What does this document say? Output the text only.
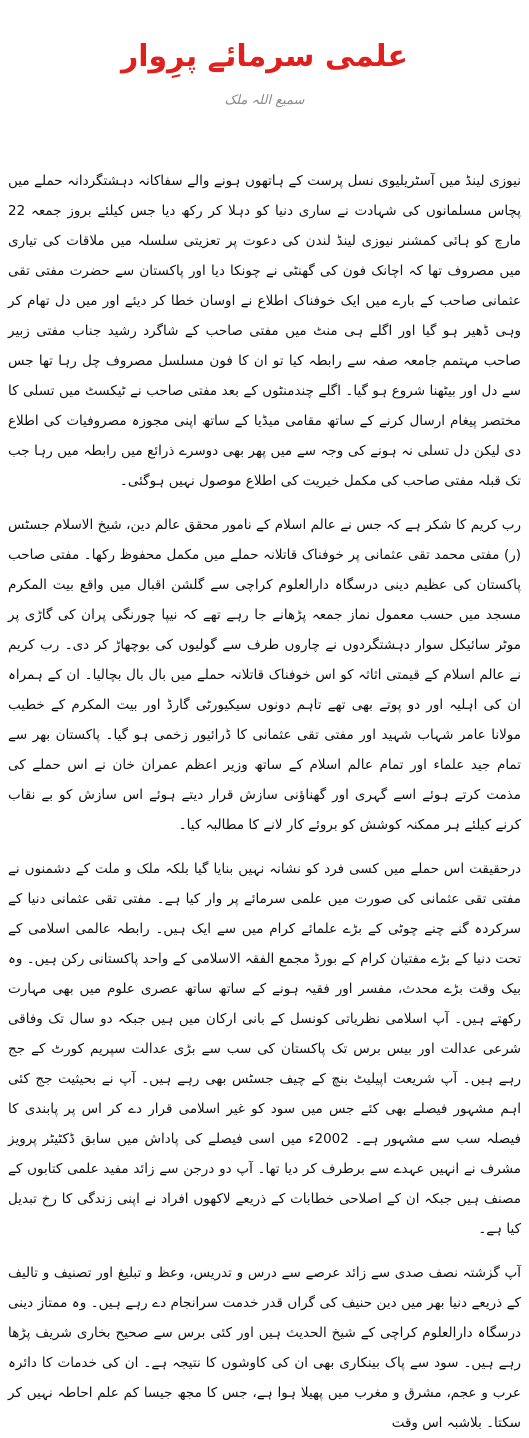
علمی سرمائے پرِوار
سمیع اللہ ملک

نیوزی لینڈ میں آسٹریلیوی نسل پرست کے ہاتھوں ہونے والے سفاکانہ دہشتگردانہ حملے میں پچاس مسلمانوں کی شہادت نے ساری دنیا کو دہلا کر رکھ دیا جس کیلئے بروز جمعہ 22 مارچ کو ہائی کمشنر نیوزی لینڈ لندن کی دعوت پر تعزیتی سلسلہ میں ملاقات کی تیاری میں مصروف تھا کہ اچانک فون کی گھنٹی نے چونکا دیا اور پاکستان سے حضرت مفتی تقی عثمانی صاحب کے بارے میں ایک خوفناک اطلاع نے اوسان خطا کر دیئے اور میں دل تھام کر وہی ڈھیر ہو گیا اور اگلے ہی منٹ میں مفتی صاحب کے شاگرد رشید جناب مفتی زبیر صاحب مہتمم جامعہ صفہ سے رابطہ کیا تو ان کا فون مسلسل مصروف چل رہا تھا جس سے دل اور بیٹھنا شروع ہو گیا۔ اگلے چندمنٹوں کے بعد مفتی صاحب نے ٹیکسٹ میں تسلی کا مختصر پیغام ارسال کرنے کے ساتھ مقامی میڈیا کے ساتھ اپنی مجوزہ مصروفیات کی اطلاع دی لیکن دل تسلی نہ ہونے کی وجہ سے میں پھر بھی دوسرے ذرائع میں رابطہ میں رہا جب تک قبلہ مفتی صاحب کی مکمل خیریت کی اطلاع موصول نہیں ہوگئی۔

رب کریم کا شکر ہے کہ جس نے عالم اسلام کے نامور محقق عالم دین، شیخ الاسلام جسٹس (ر) مفتی محمد تقی عثمانی پر خوفناک قاتلانہ حملے میں مکمل محفوظ رکھا۔ مفتی صاحب پاکستان کی عظیم دینی درسگاہ دارالعلوم کراچی سے گلشن اقبال میں واقع بیت المکرم مسجد میں حسب معمول نماز جمعہ پڑھانے جا رہے تھے کہ نیپا چورنگی پران کی گاڑی پر موٹر سائیکل سوار دہشتگردوں نے چاروں طرف سے گولیوں کی بوچھاڑ کر دی۔ رب کریم نے عالم اسلام کے قیمتی اثاثہ کو اس خوفناک قاتلانہ حملے میں بال بال بچالیا۔ ان کے ہمراہ ان کی اہلیہ اور دو پوتے بھی تھے تاہم دونوں سیکیورٹی گارڈ اور بیت المکرم کے خطیب مولانا عامر شہاب شہید اور مفتی تقی عثمانی کا ڈرائیور زخمی ہو گیا۔ پاکستان بھر سے تمام جید علماء اور تمام عالم اسلام کے ساتھ وزیر اعظم عمران خان نے اس حملے کی مذمت کرتے ہوئے اسے گہری اور گھناؤنی سازش قرار دیتے ہوئے اس سازش کو بے نقاب کرنے کیلئے ہر ممکنہ کوشش کو بروئے کار لانے کا مطالبہ کیا۔

درحقیقت اس حملے میں کسی فرد کو نشانہ نہیں بنایا گیا بلکہ ملک و ملت کے دشمنوں نے مفتی تقی عثمانی کی صورت میں علمی سرمائے پر وار کیا ہے۔ مفتی تقی عثمانی دنیا کے سرکردہ گنے چنے چوٹی کے بڑے علمائے کرام میں سے ایک ہیں۔ رابطہ عالمی اسلامی کے تحت دنیا کے بڑے مفتیان کرام کے بورڈ مجمع الفقہ الاسلامی کے واحد پاکستانی رکن ہیں۔ وہ بیک وقت بڑے محدث، مفسر اور فقیہ ہونے کے ساتھ ساتھ عصری علوم میں بھی مہارت رکھتے ہیں۔ آپ اسلامی نظریاتی کونسل کے بانی ارکان میں ہیں جبکہ دو سال تک وفاقی شرعی عدالت اور بیس برس تک پاکستان کی سب سے بڑی عدالت سپریم کورٹ کے جج رہے ہیں۔ آپ شریعت اپیلیٹ بنچ کے چیف جسٹس بھی رہے ہیں۔ آپ نے بحیثیت جج کئی اہم مشہور فیصلے بھی کئے جس میں سود کو غیر اسلامی قرار دے کر اس پر پابندی کا فیصلہ سب سے مشہور ہے۔ 2002ء میں اسی فیصلے کی پاداش میں سابق ڈکٹیٹر پرویز مشرف نے انہیں عہدے سے برطرف کر دیا تھا۔ آپ دو درجن سے زائد مفید علمی کتابوں کے مصنف ہیں جبکہ ان کے اصلاحی خطابات کے ذریعے لاکھوں افراد نے اپنی زندگی کا رخ تبدیل کیا ہے۔

آپ گزشتہ نصف صدی سے زائد عرصے سے درس و تدریس، وعظ و تبلیغ اور تصنیف و تالیف کے ذریعے دنیا بھر میں دین حنیف کی گراں قدر خدمت سرانجام دے رہے ہیں۔ وہ ممتاز دینی درسگاہ دارالعلوم کراچی کے شیخ الحدیث ہیں اور کئی برس سے صحیح بخاری شریف پڑھا رہے ہیں۔ سود سے پاک بینکاری بھی ان کی کاوشوں کا نتیجہ ہے۔ ان کی خدمات کا دائرہ عرب و عجم، مشرق و مغرب میں پھیلا ہوا ہے، جس کا مجھ جیسا کم علم احاطہ نہیں کر سکتا۔ بلاشبہ اس وقت
